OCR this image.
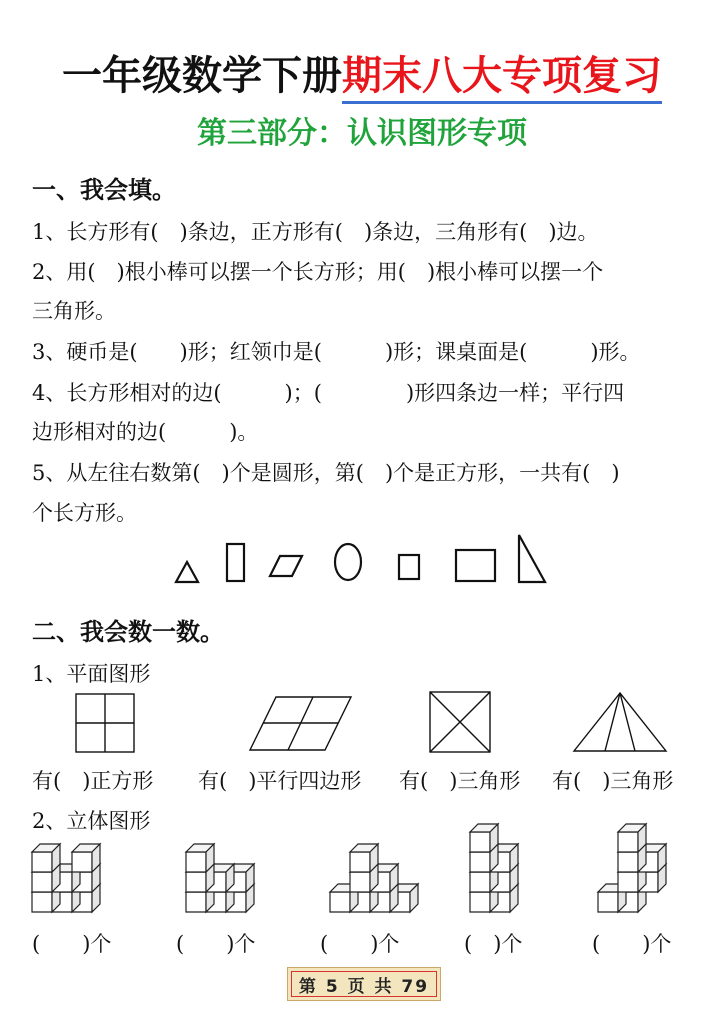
一年级数学下册期末八大专项复习
第三部分：认识图形专项
一、我会填。
1、长方形有(　)条边，正方形有(　)条边，三角形有(　)边。
2、用(　)根小棒可以摆一个长方形；用(　)根小棒可以摆一个
三角形。
3、硬币是(　　)形；红领巾是(　　　)形；课桌面是(　　　)形。
4、长方形相对的边(　　　)；(　　　　)形四条边一样；平行四
边形相对的边(　　　)。
5、从左往右数第(　)个是圆形，第(　)个是正方形，一共有(　)
个长方形。
二、我会数一数。
1、平面图形
有(　)正方形 有(　)平行四边形 有(　)三角形 有(　)三角形
2、立体图形
(　　)个	(　　)个	(　　)个	(　)个	(　　)个
第 5 页 共 79
